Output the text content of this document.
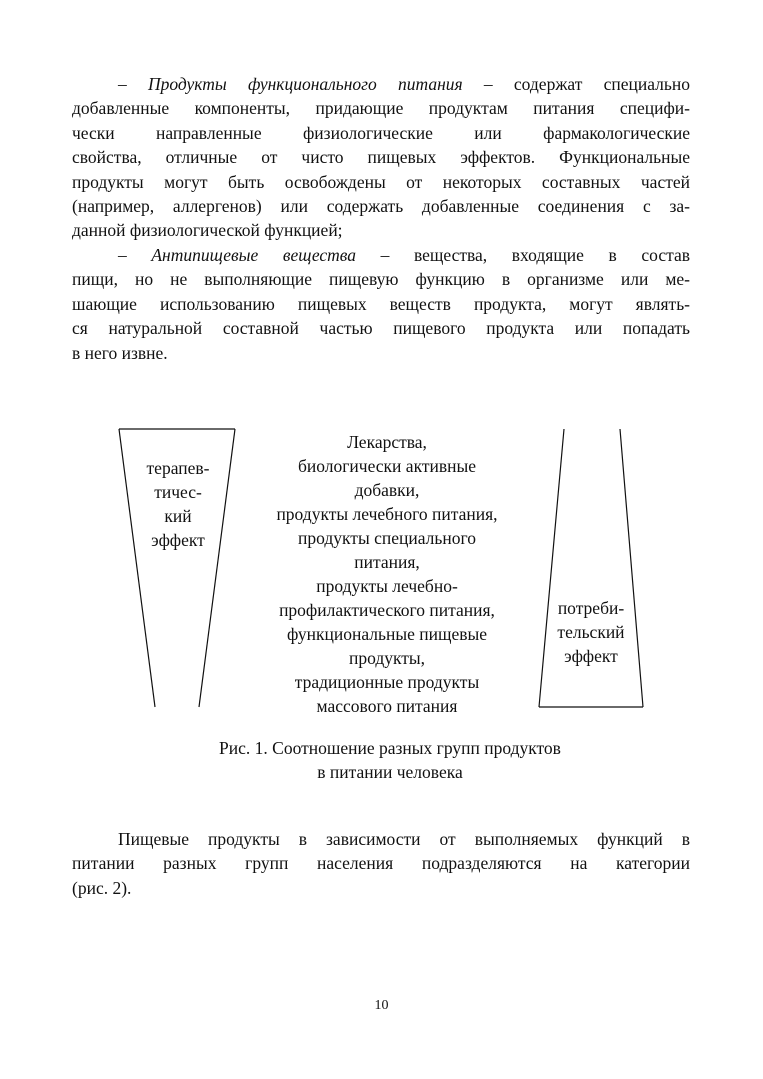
– Продукты функционального питания – содержат специально
добавленные компоненты, придающие продуктам питания специфи-
чески направленные физиологические или фармакологические
свойства, отличные от чисто пищевых эффектов. Функциональные
продукты могут быть освобождены от некоторых составных частей
(например, аллергенов) или содержать добавленные соединения с за-
данной физиологической функцией;
– Антипищевые вещества – вещества, входящие в состав
пищи, но не выполняющие пищевую функцию в организме или ме-
шающие использованию пищевых веществ продукта, могут являть-
ся натуральной составной частью пищевого продукта или попадать
в него извне.
терапев-
тичес-
кий
эффект
Лекарства,
биологически активные
добавки,
продукты лечебного питания,
продукты специального
питания,
продукты лечебно-
профилактического питания,
функциональные пищевые
продукты,
традиционные продукты
массового питания
потреби-
тельский
эффект
Рис. 1. Соотношение разных групп продуктов
в питании человека
Пищевые продукты в зависимости от выполняемых функций в
питании разных групп населения подразделяются на категории
(рис. 2).
10
